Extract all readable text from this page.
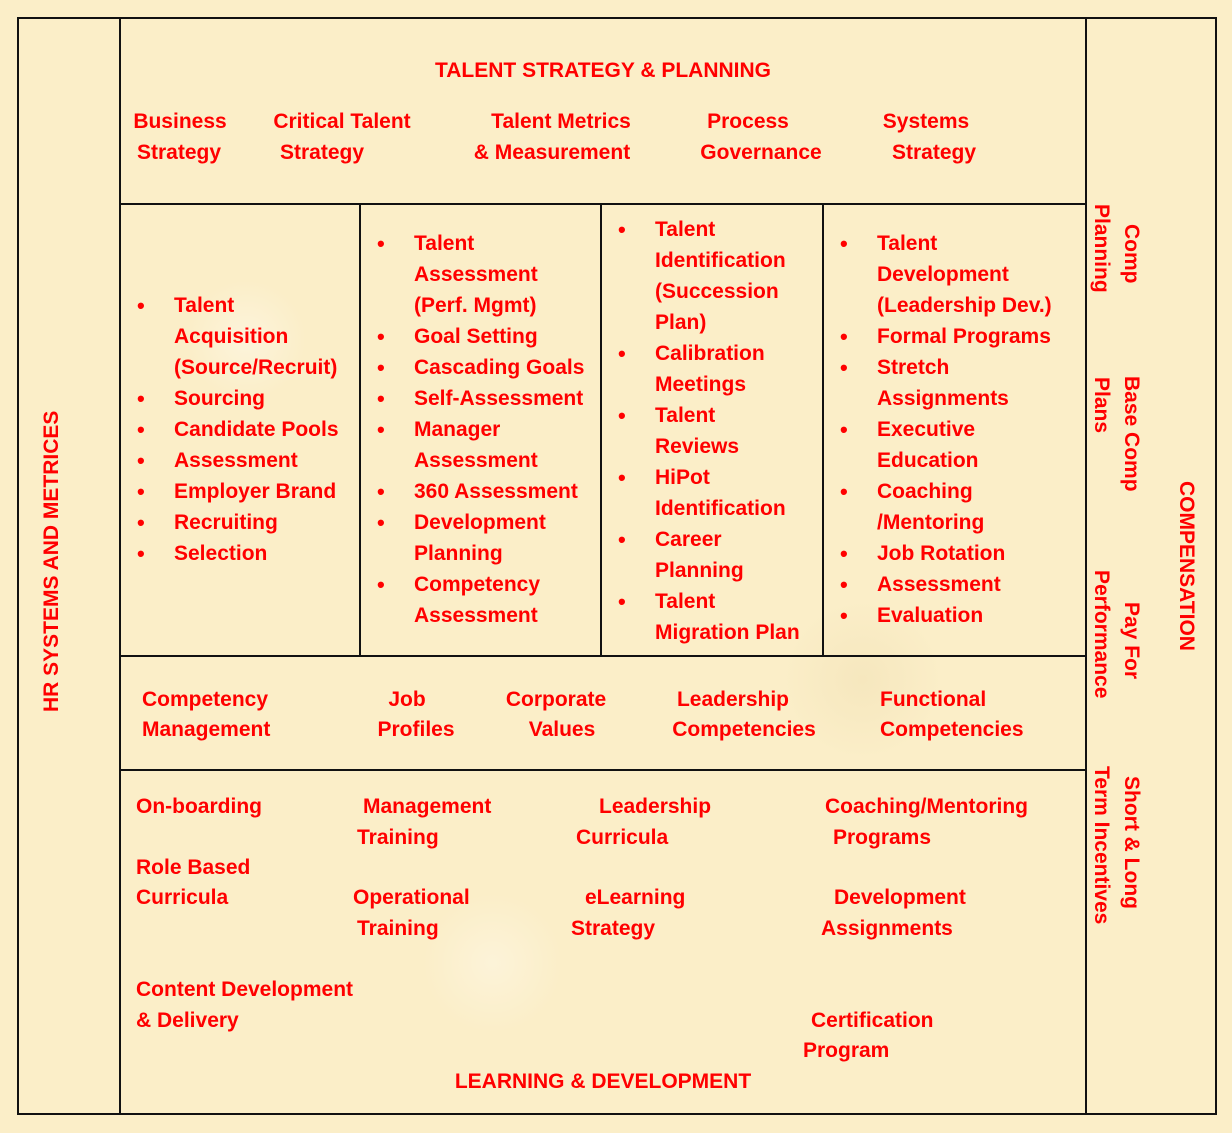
HR SYSTEMS AND METRICES	COMPENSATION
Comp
Planning
Base Comp
Plans
Pay For
Performance
Short & Long
Term Incentives
TALENT STRATEGY & PLANNING
Business
Strategy
Critical Talent
Strategy
Talent Metrics
& Measurement
Process
Governance
Systems
Strategy
• Talent
Acquisition
(Source/Recruit)
• Sourcing
• Candidate Pools
• Assessment
• Employer Brand
• Recruiting
• Selection
• Talent
Assessment
(Perf. Mgmt)
• Goal Setting
• Cascading Goals
• Self-Assessment
• Manager
Assessment
• 360 Assessment
• Development
Planning
• Competency
Assessment
• Talent
Identification
(Succession
Plan)
• Calibration
Meetings
• Talent
Reviews
• HiPot
Identification
• Career
Planning
• Talent
Migration Plan
• Talent
Development
(Leadership Dev.)
• Formal Programs
• Stretch
Assignments
• Executive
Education
• Coaching
/Mentoring
• Job Rotation
• Assessment
• Evaluation
Competency
Management
Job
Profiles
Corporate
Values
Leadership
Competencies
Functional
Competencies
On-boarding	Management
Training
Leadership
Curricula
Coaching/Mentoring
Programs
Role Based
Curricula	Operational
Training
eLearning
Strategy
Development
Assignments
Content Development
& Delivery	Certification
Program
LEARNING & DEVELOPMENT
